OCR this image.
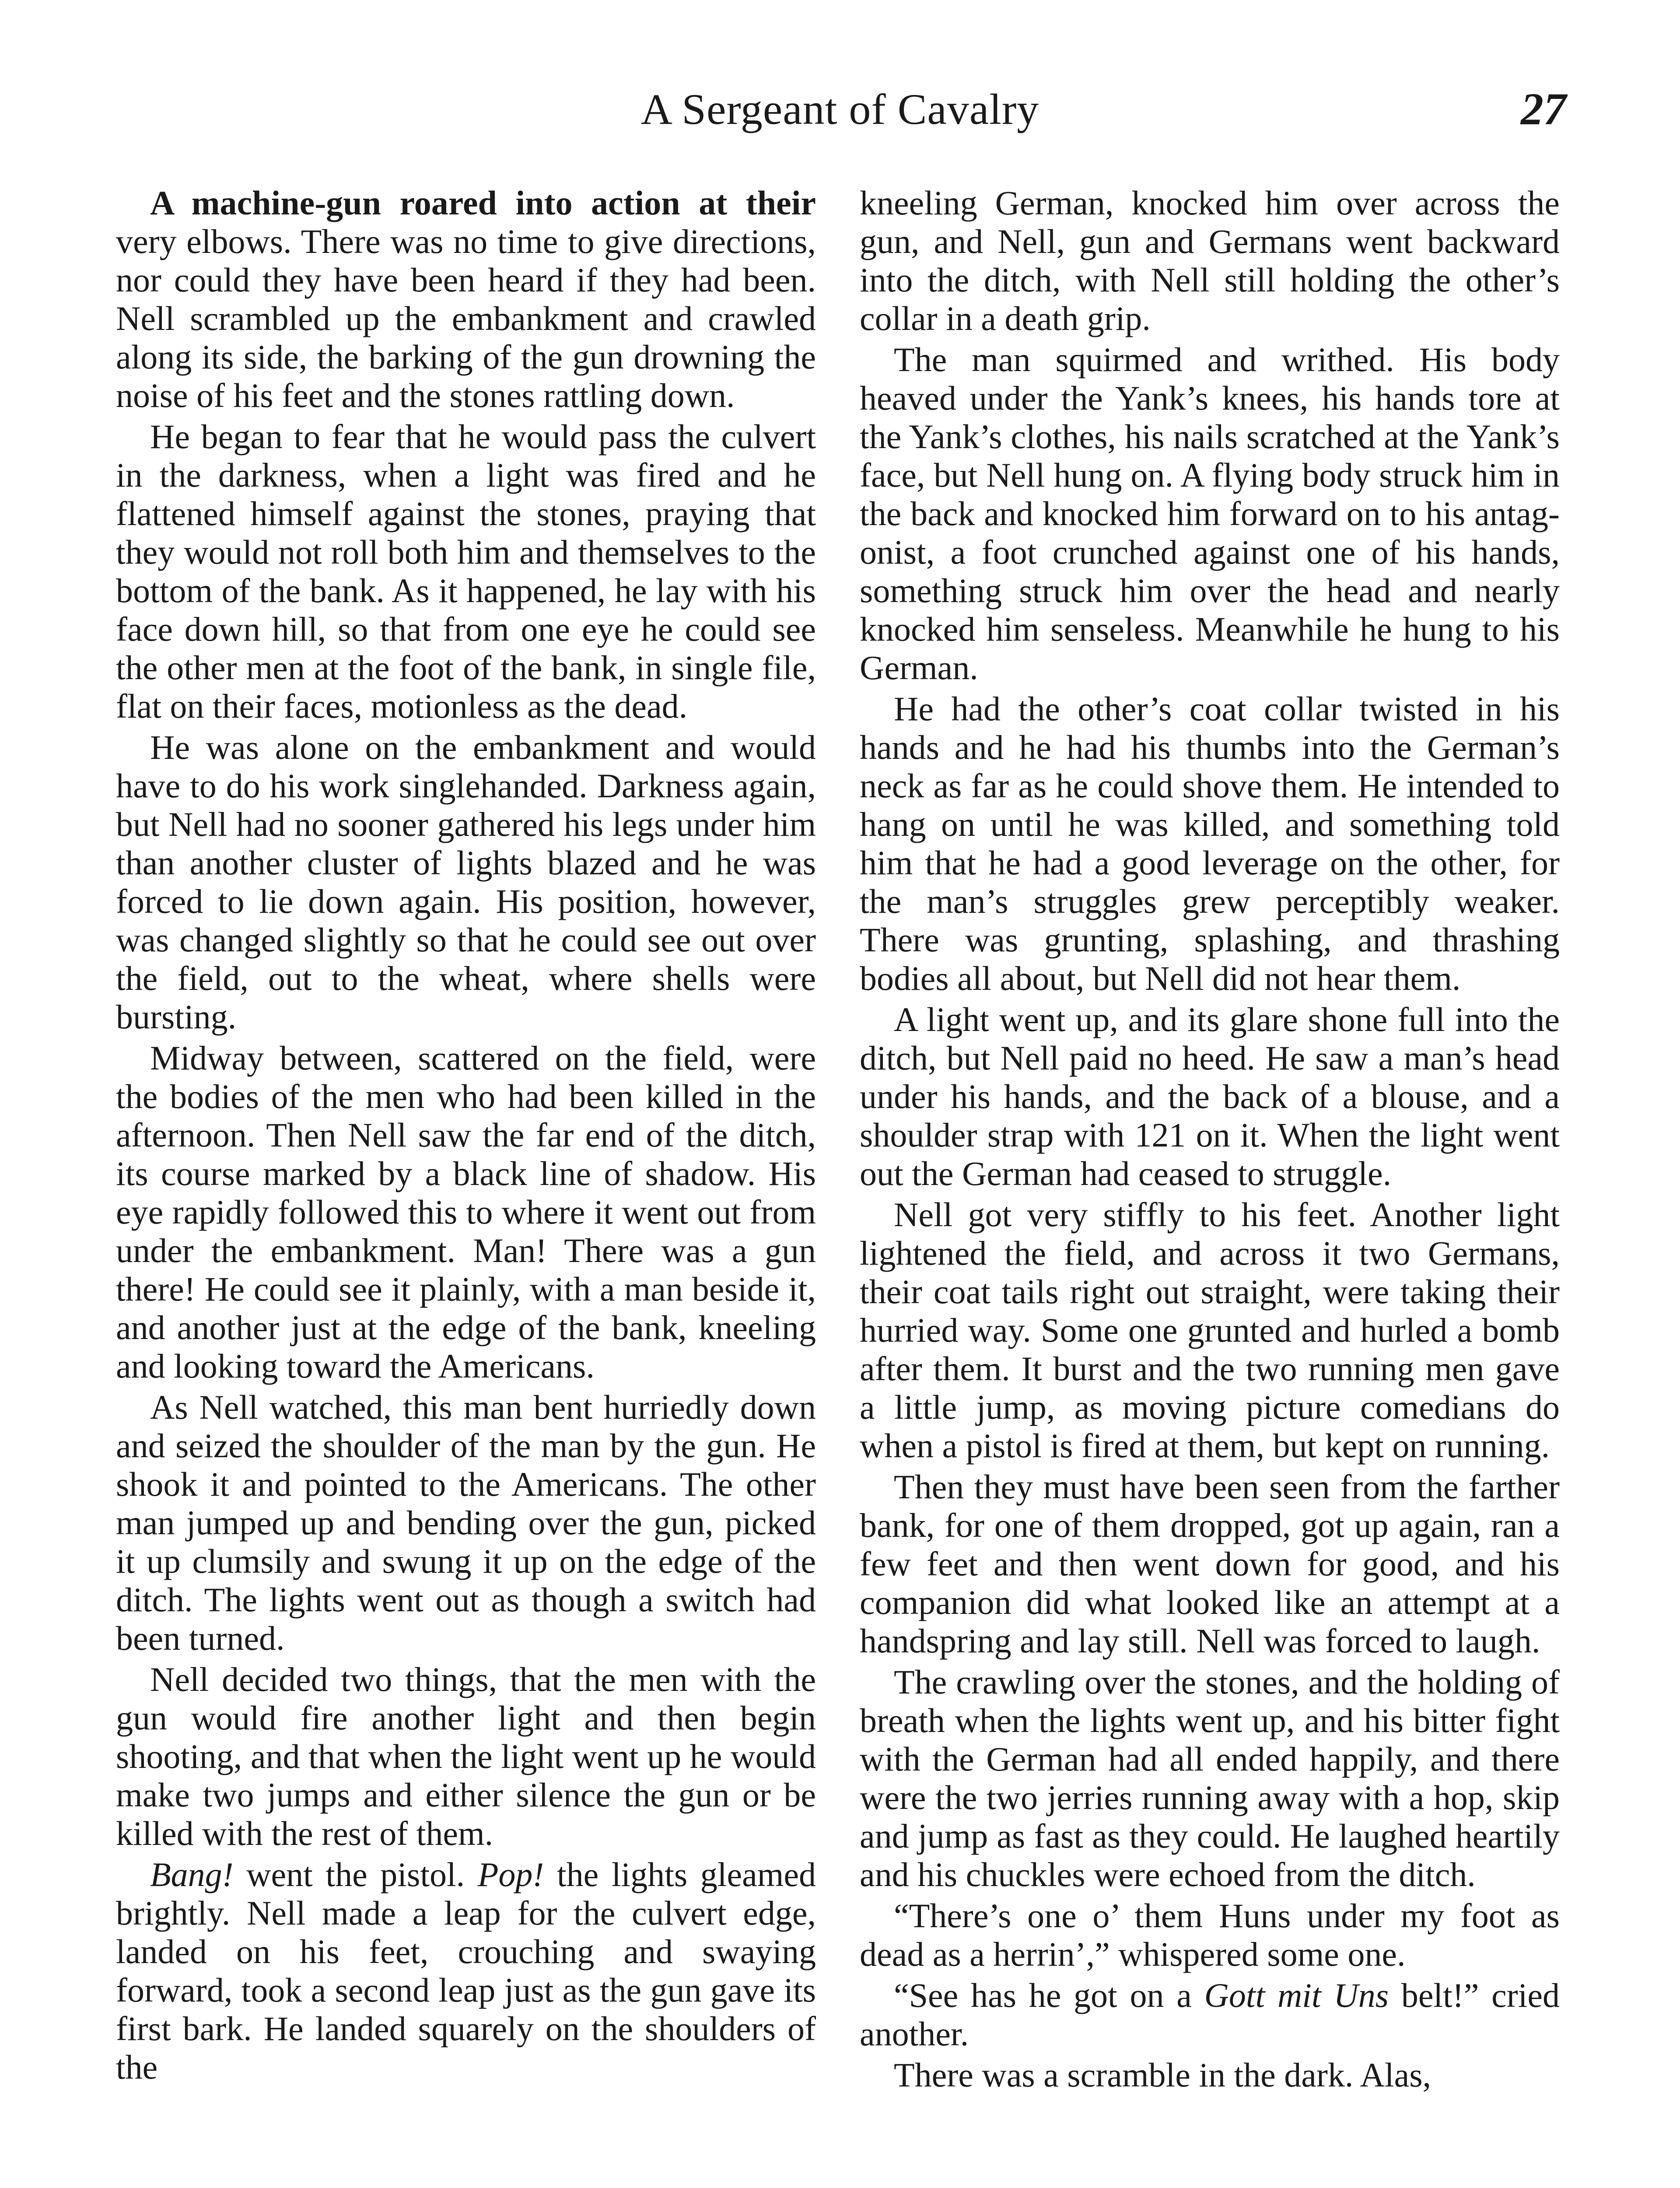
A Sergeant of Cavalry	27

A machine-gun roared into action at their very elbows. There was no time to give directions, nor could they have been heard if they had been. Nell scrambled up the embankment and crawled along its side, the barking of the gun drowning the noise of his feet and the stones rattling down.

He began to fear that he would pass the culvert in the darkness, when a light was fired and he flattened himself against the stones, praying that they would not roll both him and themselves to the bottom of the bank. As it happened, he lay with his face down hill, so that from one eye he could see the other men at the foot of the bank, in single file, flat on their faces, motionless as the dead.

He was alone on the embankment and would have to do his work singlehanded. Darkness again, but Nell had no sooner gathered his legs under him than another cluster of lights blazed and he was forced to lie down again. His position, however, was changed slightly so that he could see out over the field, out to the wheat, where shells were bursting.

Midway between, scattered on the field, were the bodies of the men who had been killed in the afternoon. Then Nell saw the far end of the ditch, its course marked by a black line of shadow. His eye rapidly followed this to where it went out from under the embankment. Man! There was a gun there! He could see it plainly, with a man beside it, and another just at the edge of the bank, kneeling and looking toward the Americans.

As Nell watched, this man bent hurriedly down and seized the shoulder of the man by the gun. He shook it and pointed to the Americans. The other man jumped up and bending over the gun, picked it up clumsily and swung it up on the edge of the ditch. The lights went out as though a switch had been turned.

Nell decided two things, that the men with the gun would fire another light and then begin shooting, and that when the light went up he would make two jumps and either silence the gun or be killed with the rest of them.

Bang! went the pistol. Pop! the lights gleamed brightly. Nell made a leap for the culvert edge, landed on his feet, crouching and swaying forward, took a second leap just as the gun gave its first bark. He landed squarely on the shoulders of the

kneeling German, knocked him over across the gun, and Nell, gun and Germans went backward into the ditch, with Nell still holding the other’s collar in a death grip.

The man squirmed and writhed. His body heaved under the Yank’s knees, his hands tore at the Yank’s clothes, his nails scratched at the Yank’s face, but Nell hung on. A flying body struck him in the back and knocked him forward on to his antagonist, a foot crunched against one of his hands, something struck him over the head and nearly knocked him senseless. Meanwhile he hung to his German.

He had the other’s coat collar twisted in his hands and he had his thumbs into the German’s neck as far as he could shove them. He intended to hang on until he was killed, and something told him that he had a good leverage on the other, for the man’s struggles grew perceptibly weaker. There was grunting, splashing, and thrashing bodies all about, but Nell did not hear them.

A light went up, and its glare shone full into the ditch, but Nell paid no heed. He saw a man’s head under his hands, and the back of a blouse, and a shoulder strap with 121 on it. When the light went out the German had ceased to struggle.

Nell got very stiffly to his feet. Another light lightened the field, and across it two Germans, their coat tails right out straight, were taking their hurried way. Some one grunted and hurled a bomb after them. It burst and the two running men gave a little jump, as moving picture comedians do when a pistol is fired at them, but kept on running.

Then they must have been seen from the farther bank, for one of them dropped, got up again, ran a few feet and then went down for good, and his companion did what looked like an attempt at a handspring and lay still. Nell was forced to laugh.

The crawling over the stones, and the holding of breath when the lights went up, and his bitter fight with the German had all ended happily, and there were the two jerries running away with a hop, skip and jump as fast as they could. He laughed heartily and his chuckles were echoed from the ditch.

“There’s one o’ them Huns under my foot as dead as a herrin’,” whispered some one.

“See has he got on a Gott mit Uns belt!” cried another.

There was a scramble in the dark. Alas,
